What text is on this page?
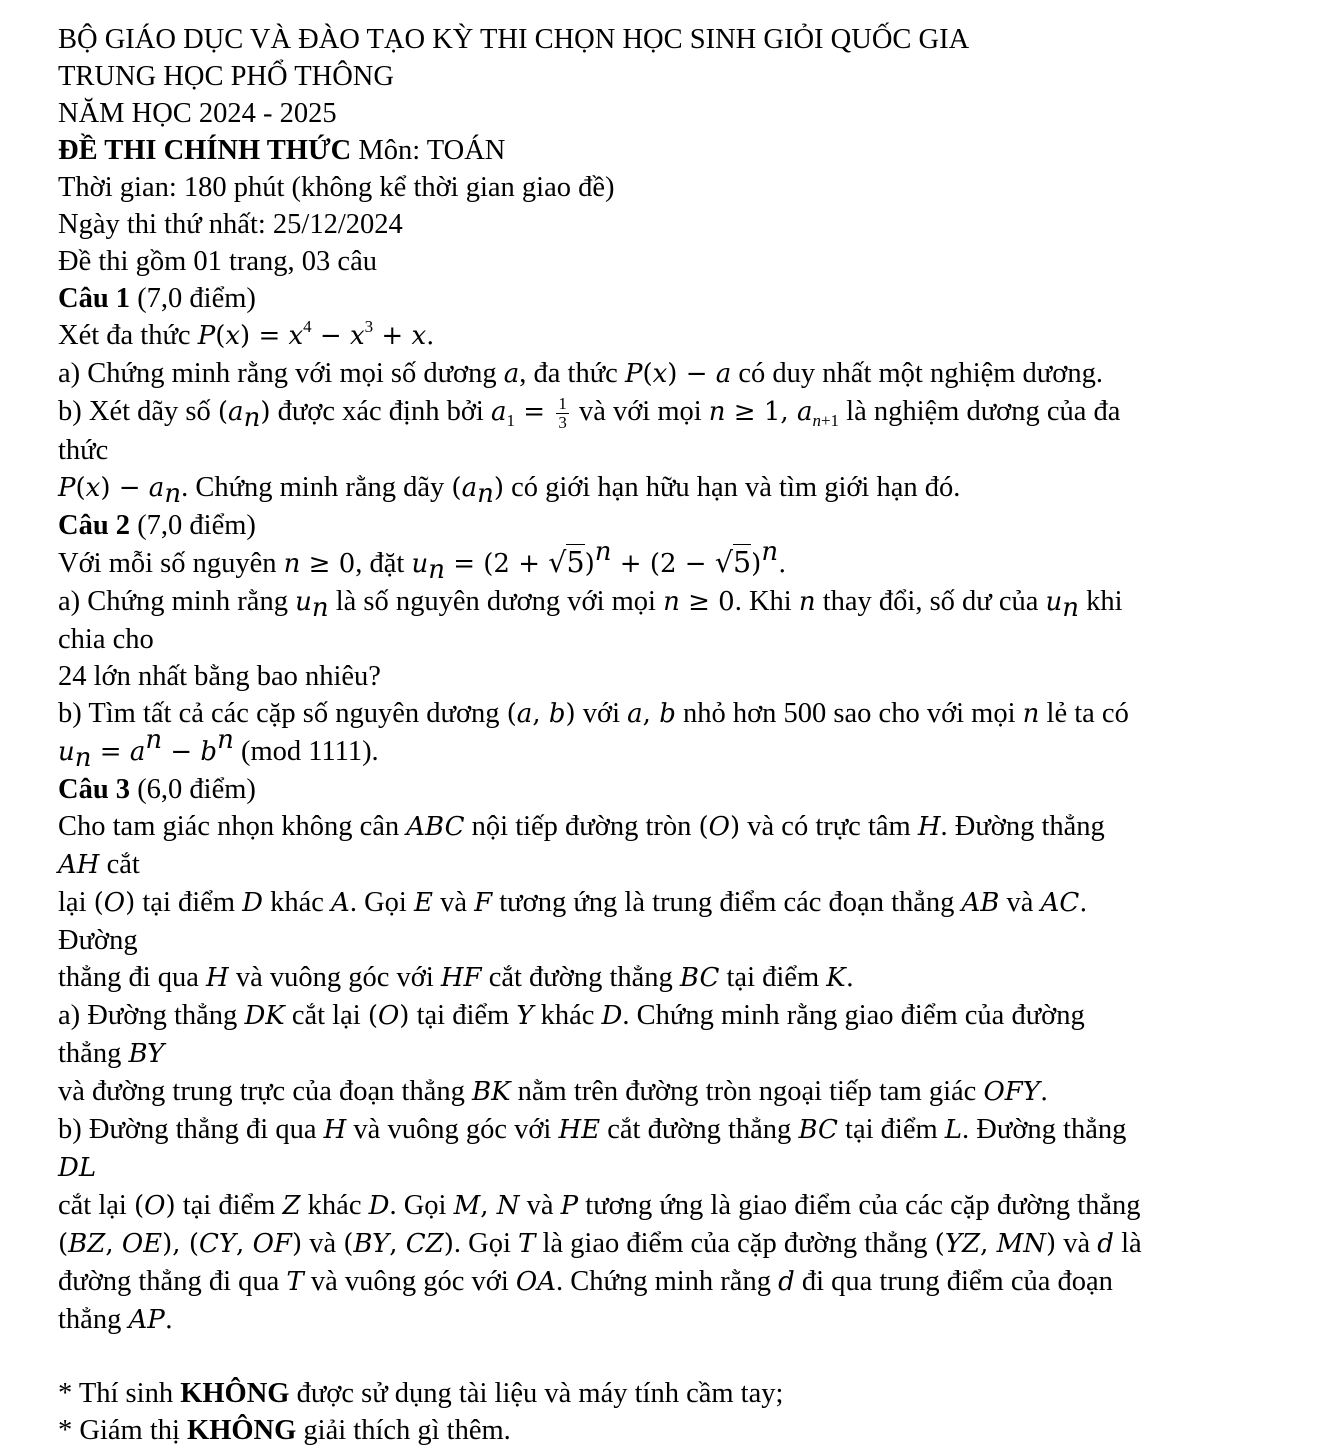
BỘ GIÁO DỤC VÀ ĐÀO TẠO KỲ THI CHỌN HỌC SINH GIỎI QUỐC GIA
TRUNG HỌC PHỔ THÔNG
NĂM HỌC 2024 - 2025
ĐỀ THI CHÍNH THỨC Môn: TOÁN
Thời gian: 180 phút (không kể thời gian giao đề)
Ngày thi thứ nhất: 25/12/2024
Đề thi gồm 01 trang, 03 câu
Câu 1 (7,0 điểm)
Xét đa thức $P(x) = x^4 - x^3 + x$.
a) Chứng minh rằng với mọi số dương a, đa thức P(x) − a có duy nhất một nghiệm dương.
b) Xét dãy số $(a_n)$ được xác định bởi $a_1 = \frac{1}{3}$ và với mọi n ≥ 1, $a_{n+1}$ là nghiệm dương của đa
thức
$P(x) - a_n$. Chứng minh rằng dãy $(a_n)$ có giới hạn hữu hạn và tìm giới hạn đó.
Câu 2 (7,0 điểm)
Với mỗi số nguyên n ≥ 0, đặt $u_n = (2 + √5)^n + (2 - √5)^n$.
a) Chứng minh rằng $u_n$ là số nguyên dương với mọi n ≥ 0. Khi n thay đổi, số dư của $u_n$ khi
chia cho
24 lớn nhất bằng bao nhiêu?
b) Tìm tất cả các cặp số nguyên dương (a, b) với a, b nhỏ hơn 500 sao cho với mọi n lẻ ta có
$u_n = a^n - b^n$ (mod 1111).
Câu 3 (6,0 điểm)
Cho tam giác nhọn không cân ABC nội tiếp đường tròn (O) và có trực tâm H. Đường thẳng
AH cắt
lại (O) tại điểm D khác A. Gọi E và F tương ứng là trung điểm các đoạn thẳng AB và AC.
Đường
thẳng đi qua H và vuông góc với HF cắt đường thẳng BC tại điểm K.
a) Đường thẳng DK cắt lại (O) tại điểm Y khác D. Chứng minh rằng giao điểm của đường
thẳng BY
và đường trung trực của đoạn thẳng BK nằm trên đường tròn ngoại tiếp tam giác OFY.
b) Đường thẳng đi qua H và vuông góc với HE cắt đường thẳng BC tại điểm L. Đường thẳng
DL
cắt lại (O) tại điểm Z khác D. Gọi M, N và P tương ứng là giao điểm của các cặp đường thẳng
(BZ, OE), (CY, OF) và (BY, CZ). Gọi T là giao điểm của cặp đường thẳng (YZ, MN) và d là
đường thẳng đi qua T và vuông góc với OA. Chứng minh rằng d đi qua trung điểm của đoạn
thẳng AP.
* Thí sinh KHÔNG được sử dụng tài liệu và máy tính cầm tay;
* Giám thị KHÔNG giải thích gì thêm.
